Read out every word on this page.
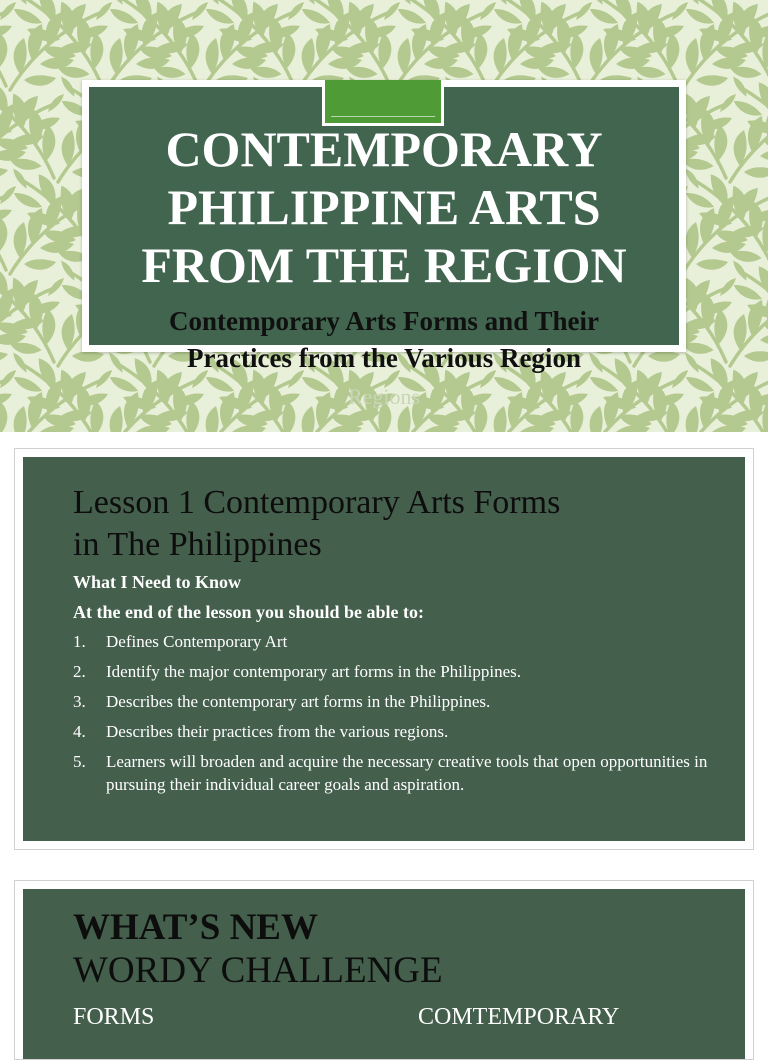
CONTEMPORARY
PHILIPPINE ARTS
FROM THE REGION

Contemporary Arts Forms and Their
Practices from the Various Region

Regions
Lesson 1 Contemporary Arts Forms
in The Philippines
What I Need to Know
At the end of the lesson you should be able to:
1. Defines Contemporary Art
2. Identify the major contemporary art forms in the Philippines.
3. Describes the contemporary art forms in the Philippines.
4. Describes their practices from the various regions.
5. Learners will broaden and acquire the necessary creative tools that open opportunities in pursuing their individual career goals and aspiration.
WHAT’S NEW
WORDY CHALLENGE
FORMS	COMTEMPORARY
